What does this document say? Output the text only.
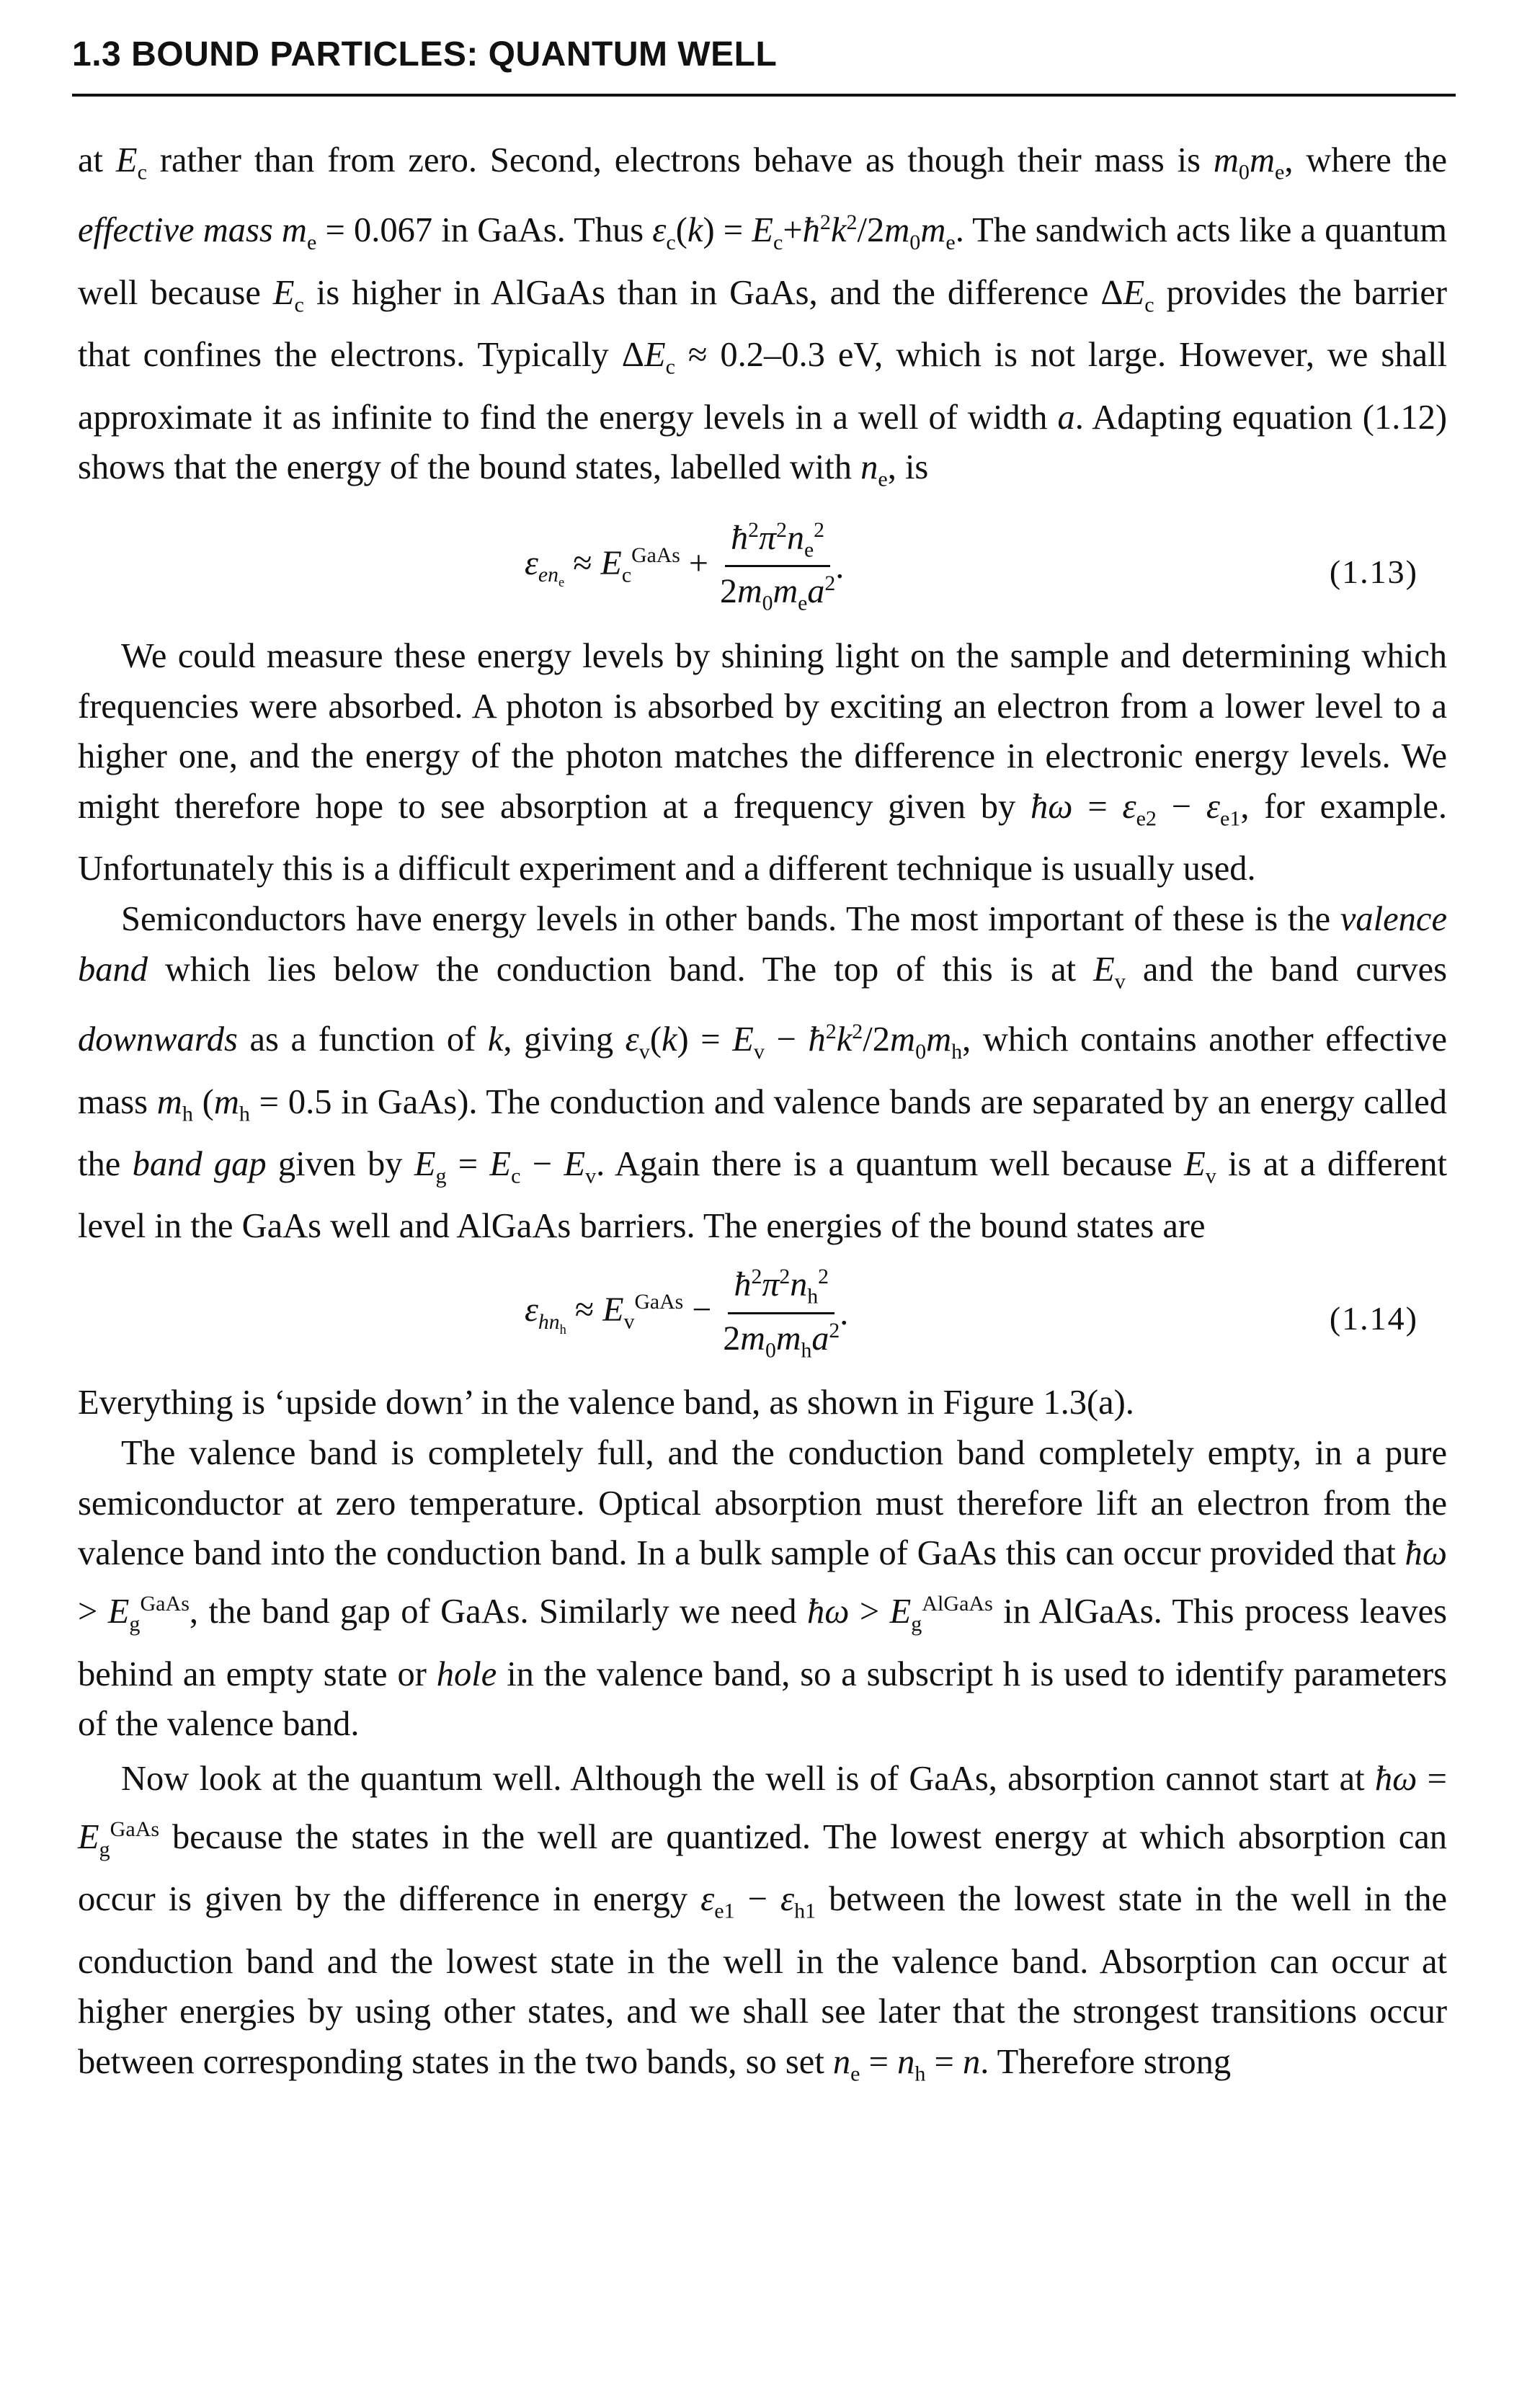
1.3 BOUND PARTICLES: QUANTUM WELL

at $E_c$ rather than from zero. Second, electrons behave as though their mass is $m_0m_e$, where the effective mass $m_e = 0.067$ in GaAs. Thus $\varepsilon_c(k)$ = $E_c+ħ^2k^2/2m_0m_e$. The sandwich acts like a quantum well because $E_c$ is higher in AlGaAs than in GaAs, and the difference $\Delta E_c$ provides the barrier that confines the electrons. Typically $\Delta E_c \approx 0.2-0.3$ eV, which is not large. However, we shall approximate it as infinite to find the energy levels in a well of width a. Adapting equation (1.12) shows that the energy of the bound states, labelled with $n_e$, is

$\varepsilon_{en_e} \approx E_c^{GaAs} + \frac{ħ^2\pi^2n_e^2}{2m_0m_ea^2}$ .	(1.13)

We could measure these energy levels by shining light on the sample and determining which frequencies were absorbed. A photon is absorbed by exciting an electron from a lower level to a higher one, and the energy of the photon matches the difference in electronic energy levels. We might therefore hope to see absorption at a frequency given by ħω = $\varepsilon_{e2} - \varepsilon_{e1}$, for example. Unfortunately this is a difficult experiment and a different technique is usually used.

Semiconductors have energy levels in other bands. The most important of these is the valence band which lies below the conduction band. The top of this is at $E_v$ and the band curves downwards as a function of k, giving $\varepsilon_v(k) = E_v$ − $ħ^2k^2/2m_0m_h$, which contains another effective mass $m_h$ ($m_h = 0.5$ in GaAs). The conduction and valence bands are separated by an energy called the band gap given by $E_g = E_c - E_v$. Again there is a quantum well because $E_v$ is at a different level in the GaAs well and AlGaAs barriers. The energies of the bound states are

$\varepsilon_{hn_h} \approx E_v^{GaAs} - \frac{ħ^2\pi^2n_h^2}{2m_0m_ha^2}$ .	(1.14)

Everything is ‘upside down’ in the valence band, as shown in Figure 1.3(a).

The valence band is completely full, and the conduction band completely empty, in a pure semiconductor at zero temperature. Optical absorption must therefore lift an electron from the valence band into the conduction band. In a bulk sample of GaAs this can occur provided that ħω > $E_g^{GaAs}$, the band gap of GaAs. Similarly we need ħω > $E_g^{AlGaAs}$ in AlGaAs. This process leaves behind an empty state or hole in the valence band, so a subscript h is used to identify parameters of the valence band.

Now look at the quantum well. Although the well is of GaAs, absorption cannot start at ħω = $E_g^{GaAs}$ because the states in the well are quantized. The lowest energy at which absorption can occur is given by the difference in energy $\varepsilon_{e1} - \varepsilon_{h1}$ between the lowest state in the well in the conduction band and the lowest state in the well in the valence band. Absorption can occur at higher energies by using other states, and we shall see later that the strongest transitions occur between corresponding states in the two bands, so set $n_e = n_h = n$. Therefore strong
